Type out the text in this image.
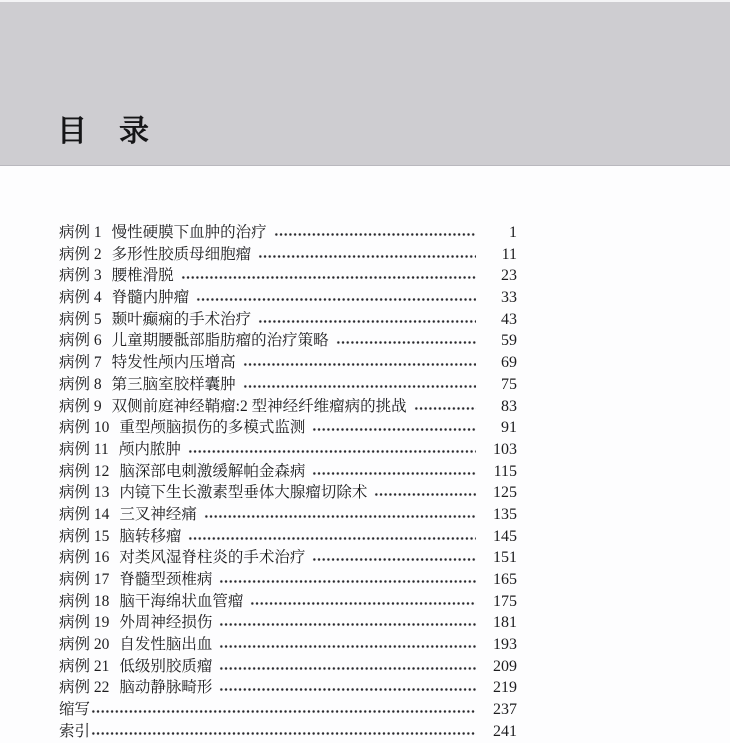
目　录
病例 1 慢性硬膜下血肿的治疗	1
病例 2 多形性胶质母细胞瘤	11
病例 3 腰椎滑脱	23
病例 4 脊髓内肿瘤	33
病例 5 颞叶癫痫的手术治疗	43
病例 6 儿童期腰骶部脂肪瘤的治疗策略	59
病例 7 特发性颅内压增高	69
病例 8 第三脑室胶样囊肿	75
病例 9 双侧前庭神经鞘瘤:2 型神经纤维瘤病的挑战	83
病例 10 重型颅脑损伤的多模式监测	91
病例 11 颅内脓肿	103
病例 12 脑深部电刺激缓解帕金森病	115
病例 13 内镜下生长激素型垂体大腺瘤切除术	125
病例 14 三叉神经痛	135
病例 15 脑转移瘤	145
病例 16 对类风湿脊柱炎的手术治疗	151
病例 17 脊髓型颈椎病	165
病例 18 脑干海绵状血管瘤	175
病例 19 外周神经损伤	181
病例 20 自发性脑出血	193
病例 21 低级别胶质瘤	209
病例 22 脑动静脉畸形	219
缩写	237
索引	241
